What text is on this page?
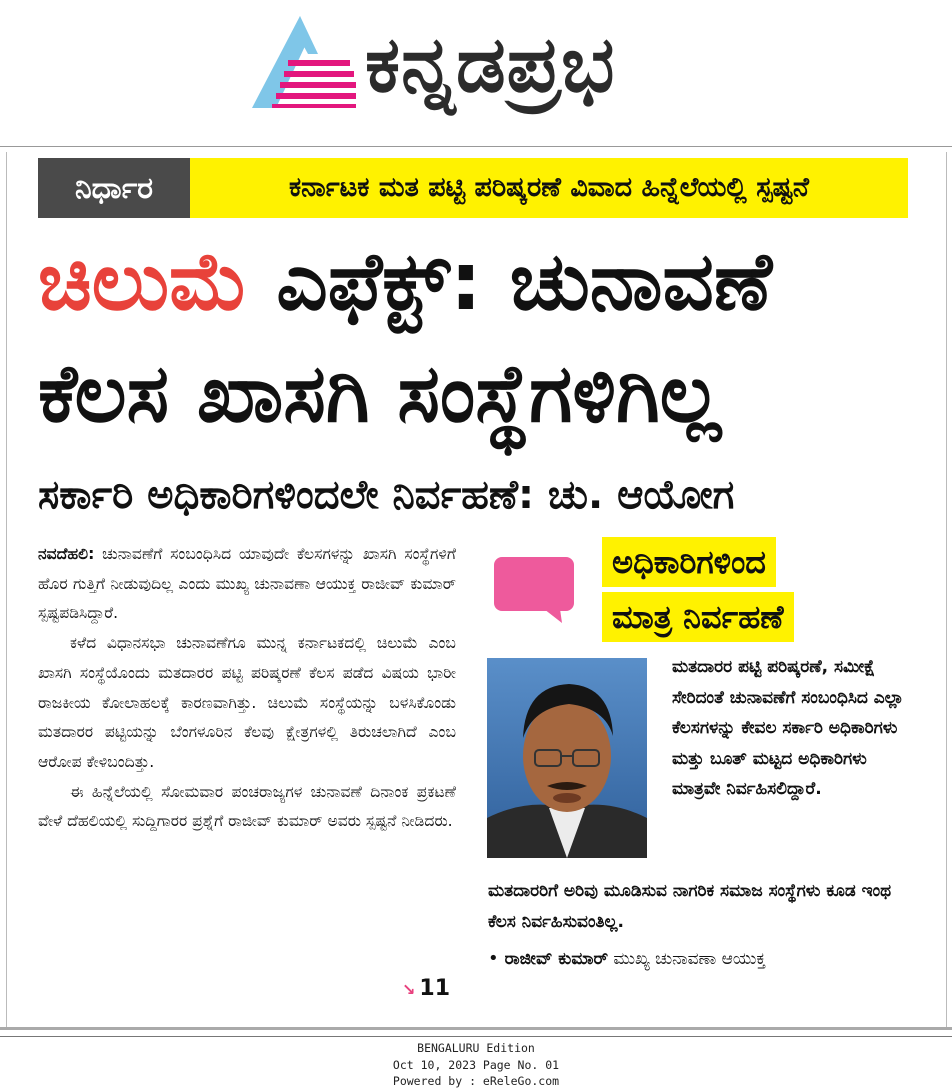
ಕನ್ನಡಪ್ರಭ
ನಿರ್ಧಾರ	ಕರ್ನಾಟಕ ಮತ ಪಟ್ಟಿ ಪರಿಷ್ಕರಣೆ ವಿವಾದ ಹಿನ್ನೆಲೆಯಲ್ಲಿ ಸ್ಪಷ್ಟನೆ
ಚಿಲುಮೆ ಎಫೆಕ್ಟ್: ಚುನಾವಣೆ
ಕೆಲಸ ಖಾಸಗಿ ಸಂಸ್ಥೆಗಳಿಗಿಲ್ಲ
ಸರ್ಕಾರಿ ಅಧಿಕಾರಿಗಳಿಂದಲೇ ನಿರ್ವಹಣೆ: ಚು. ಆಯೋಗ

ನವದೆಹಲಿ: ಚುನಾವಣೆಗೆ ಸಂಬಂಧಿಸಿದ ಯಾವುದೇ ಕೆಲಸಗಳನ್ನು ಖಾಸಗಿ ಸಂಸ್ಥೆಗಳಿಗೆ ಹೊರ ಗುತ್ತಿಗೆ ನೀಡುವುದಿಲ್ಲ ಎಂದು ಮುಖ್ಯ ಚುನಾವಣಾ ಆಯುಕ್ತ ರಾಜೀವ್ ಕುಮಾರ್ ಸ್ಪಷ್ಟಪಡಿಸಿದ್ದಾರೆ.

ಕಳೆದ ವಿಧಾನಸಭಾ ಚುನಾವಣೆಗೂ ಮುನ್ನ ಕರ್ನಾಟಕದಲ್ಲಿ ಚಿಲುಮೆ ಎಂಬ ಖಾಸಗಿ ಸಂಸ್ಥೆಯೊಂದು ಮತದಾರರ ಪಟ್ಟಿ ಪರಿಷ್ಕರಣೆ ಕೆಲಸ ಪಡೆದ ವಿಷಯ ಭಾರೀ ರಾಜಕೀಯ ಕೋಲಾಹಲಕ್ಕೆ ಕಾರಣವಾಗಿತ್ತು. ಚಿಲುಮೆ ಸಂಸ್ಥೆಯನ್ನು ಬಳಸಿಕೊಂಡು ಮತದಾರರ ಪಟ್ಟಿಯನ್ನು ಬೆಂಗಳೂರಿನ ಕೆಲವು ಕ್ಷೇತ್ರಗಳಲ್ಲಿ ತಿರುಚಲಾಗಿದೆ ಎಂಬ ಆರೋಪ ಕೇಳಿಬಂದಿತ್ತು.

ಈ ಹಿನ್ನೆಲೆಯಲ್ಲಿ ಸೋಮವಾರ ಪಂಚರಾಜ್ಯಗಳ ಚುನಾವಣೆ ದಿನಾಂಕ ಪ್ರಕಟಣೆ ವೇಳೆ ದೆಹಲಿಯಲ್ಲಿ ಸುದ್ದಿಗಾರರ ಪ್ರಶ್ನೆಗೆ ರಾಜೀವ್ ಕುಮಾರ್ ಅವರು ಸ್ಪಷ್ಟನೆ ನೀಡಿದರು.

↘ 11
ಅಧಿಕಾರಿಗಳಿಂದ
ಮಾತ್ರ ನಿರ್ವಹಣೆ
ಮತದಾರರ ಪಟ್ಟಿ ಪರಿಷ್ಕರಣೆ, ಸಮೀಕ್ಷೆ ಸೇರಿದಂತೆ ಚುನಾವಣೆಗೆ ಸಂಬಂಧಿಸಿದ ಎಲ್ಲಾ ಕೆಲಸಗಳನ್ನು ಕೇವಲ ಸರ್ಕಾರಿ ಅಧಿಕಾರಿಗಳು ಮತ್ತು ಬೂತ್ ಮಟ್ಟದ ಅಧಿಕಾರಿಗಳು ಮಾತ್ರವೇ ನಿರ್ವಹಿಸಲಿದ್ದಾರೆ.
ಮತದಾರರಿಗೆ ಅರಿವು ಮೂಡಿಸುವ ನಾಗರಿಕ ಸಮಾಜ ಸಂಸ್ಥೆಗಳು ಕೂಡ ಇಂಥ ಕೆಲಸ ನಿರ್ವಹಿಸುವಂತಿಲ್ಲ.
• ರಾಜೀವ್ ಕುಮಾರ್ ಮುಖ್ಯ ಚುನಾವಣಾ ಆಯುಕ್ತ
BENGALURU Edition
Oct 10, 2023 Page No. 01
Powered by : eReleGo.com
